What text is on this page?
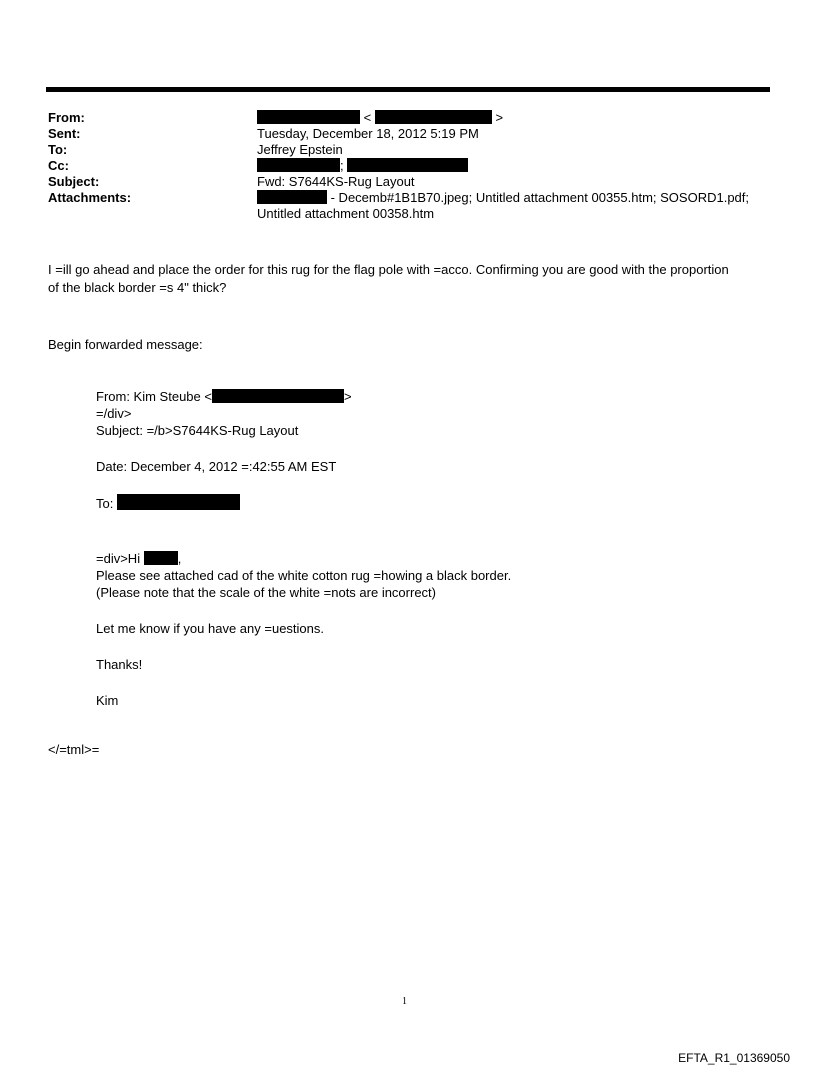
From:	<	>
Sent:	Tuesday, December 18, 2012 5:19 PM
To:	Jeffrey Epstein
Cc:	;
Subject:	Fwd: S7644KS-Rug Layout
Attachments:	- Decemb#1B1B70.jpeg; Untitled attachment 00355.htm; SOSORD1.pdf;
Untitled attachment 00358.htm
I =ill go ahead and place the order for this rug for the flag pole with =acco. Confirming you are good with the proportion
of the black border =s 4" thick?
Begin forwarded message:
From: Kim Steube <	>
=/div>
Subject: =/b>S7644KS-Rug Layout
Date: December 4, 2012 =:42:55 AM EST
To:
=div>Hi	,
Please see attached cad of the white cotton rug =howing a black border.
(Please note that the scale of the white =nots are incorrect)
Let me know if you have any =uestions.
Thanks!
Kim
</=tml>=
1
EFTA_R1_01369050
